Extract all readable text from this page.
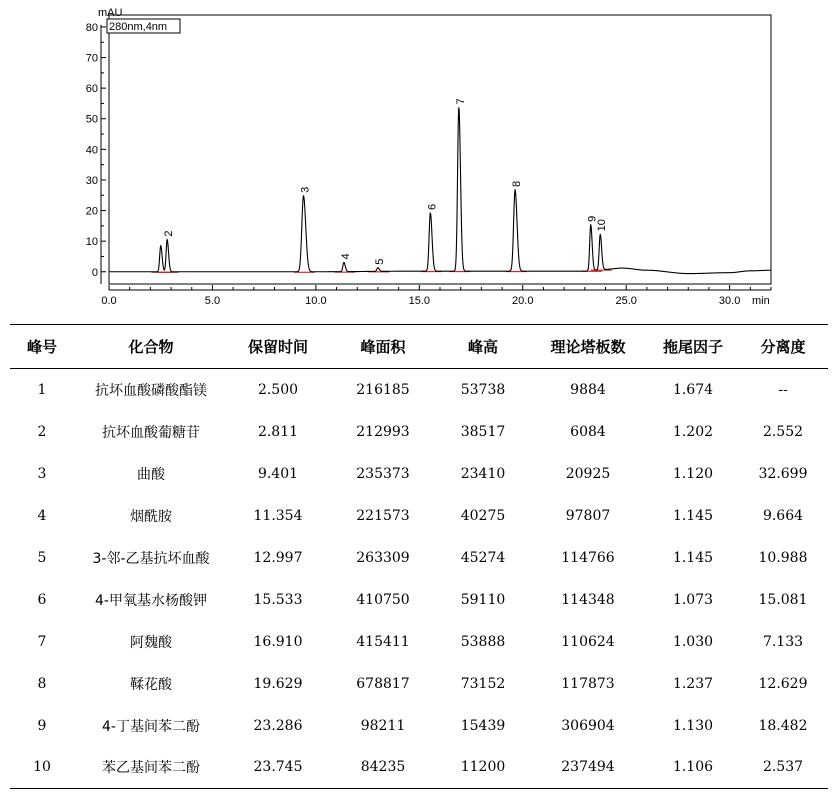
mAU
min
280nm,4nm
0
10
20
30
40
50
60
70
80
0.0	5.0	10.0	15.0	20.0	25.0	30.0
2
3
4
5
6
7
8
9
10
峰号	化合物	保留时间	峰面积	峰高	理论塔板数	拖尾因子	分离度
1	抗坏血酸磷酸酯镁	2.500	216185	53738	9884	1.674	--
2	抗坏血酸葡糖苷	2.811	212993	38517	6084	1.202	2.552
3	曲酸	9.401	235373	23410	20925	1.120	32.699
4	烟酰胺	11.354	221573	40275	97807	1.145	9.664
5	3-邻-乙基抗坏血酸	12.997	263309	45274	114766	1.145	10.988
6	4-甲氧基水杨酸钾	15.533	410750	59110	114348	1.073	15.081
7	阿魏酸	16.910	415411	53888	110624	1.030	7.133
8	鞣花酸	19.629	678817	73152	117873	1.237	12.629
9	4-丁基间苯二酚	23.286	98211	15439	306904	1.130	18.482
10	苯乙基间苯二酚	23.745	84235	11200	237494	1.106	2.537
